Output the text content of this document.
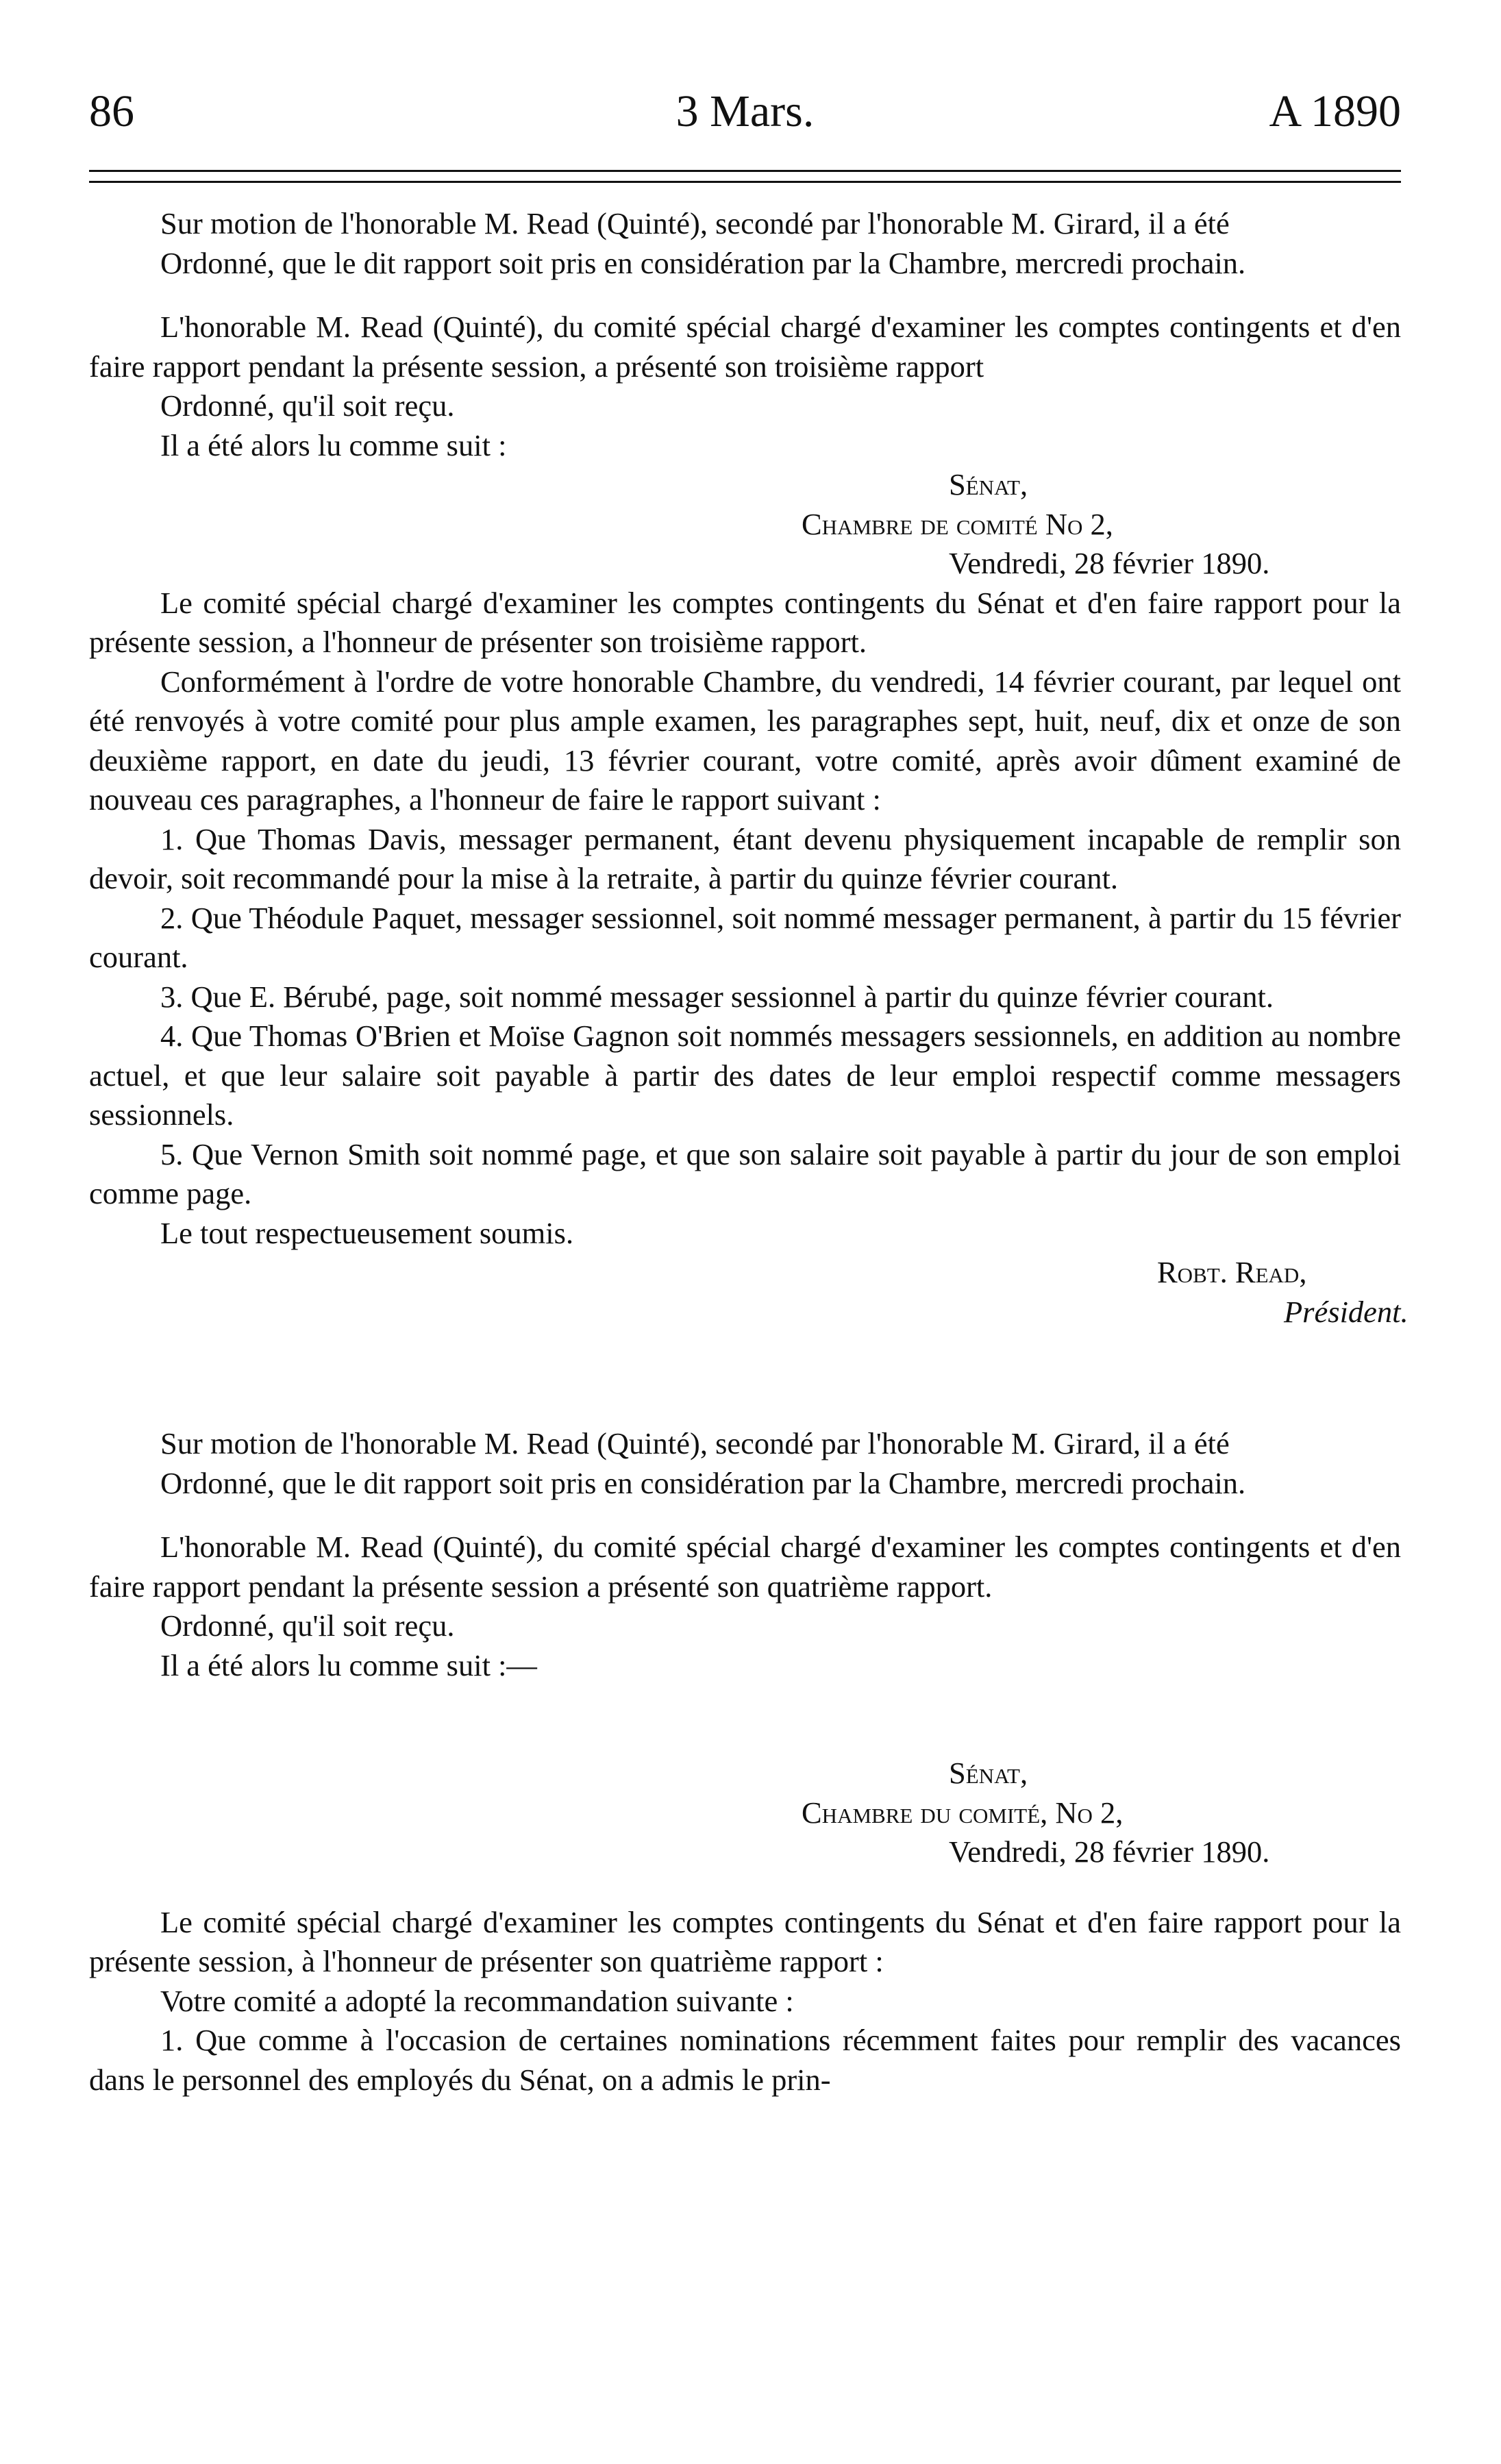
86	3 Mars.	A 1890

Sur motion de l'honorable M. Read (Quinté), secondé par l'honorable M. Girard, il a été

Ordonné, que le dit rapport soit pris en considération par la Chambre, mercredi prochain.

L'honorable M. Read (Quinté), du comité spécial chargé d'examiner les comptes contingents et d'en faire rapport pendant la présente session, a présenté son troisième rapport

Ordonné, qu'il soit reçu.

Il a été alors lu comme suit :

Sénat,

Chambre de comité No 2,

Vendredi, 28 février 1890.

Le comité spécial chargé d'examiner les comptes contingents du Sénat et d'en faire rapport pour la présente session, a l'honneur de présenter son troisième rapport.

Conformément à l'ordre de votre honorable Chambre, du vendredi, 14 février courant, par lequel ont été renvoyés à votre comité pour plus ample examen, les paragraphes sept, huit, neuf, dix et onze de son deuxième rapport, en date du jeudi, 13 février courant, votre comité, après avoir dûment examiné de nouveau ces paragraphes, a l'honneur de faire le rapport suivant :

1. Que Thomas Davis, messager permanent, étant devenu physiquement incapable de remplir son devoir, soit recommandé pour la mise à la retraite, à partir du quinze février courant.

2. Que Théodule Paquet, messager sessionnel, soit nommé messager permanent, à partir du 15 février courant.

3. Que E. Bérubé, page, soit nommé messager sessionnel à partir du quinze février courant.

4. Que Thomas O'Brien et Moïse Gagnon soit nommés messagers sessionnels, en addition au nombre actuel, et que leur salaire soit payable à partir des dates de leur emploi respectif comme messagers sessionnels.

5. Que Vernon Smith soit nommé page, et que son salaire soit payable à partir du jour de son emploi comme page.

Le tout respectueusement soumis.

Robt. Read,

Président.

Sur motion de l'honorable M. Read (Quinté), secondé par l'honorable M. Girard, il a été

Ordonné, que le dit rapport soit pris en considération par la Chambre, mercredi prochain.

L'honorable M. Read (Quinté), du comité spécial chargé d'examiner les comptes contingents et d'en faire rapport pendant la présente session a présenté son quatrième rapport.

Ordonné, qu'il soit reçu.

Il a été alors lu comme suit :—

Sénat,

Chambre du comité, No 2,

Vendredi, 28 février 1890.

Le comité spécial chargé d'examiner les comptes contingents du Sénat et d'en faire rapport pour la présente session, à l'honneur de présenter son quatrième rapport :

Votre comité a adopté la recommandation suivante :

1. Que comme à l'occasion de certaines nominations récemment faites pour remplir des vacances dans le personnel des employés du Sénat, on a admis le prin-
